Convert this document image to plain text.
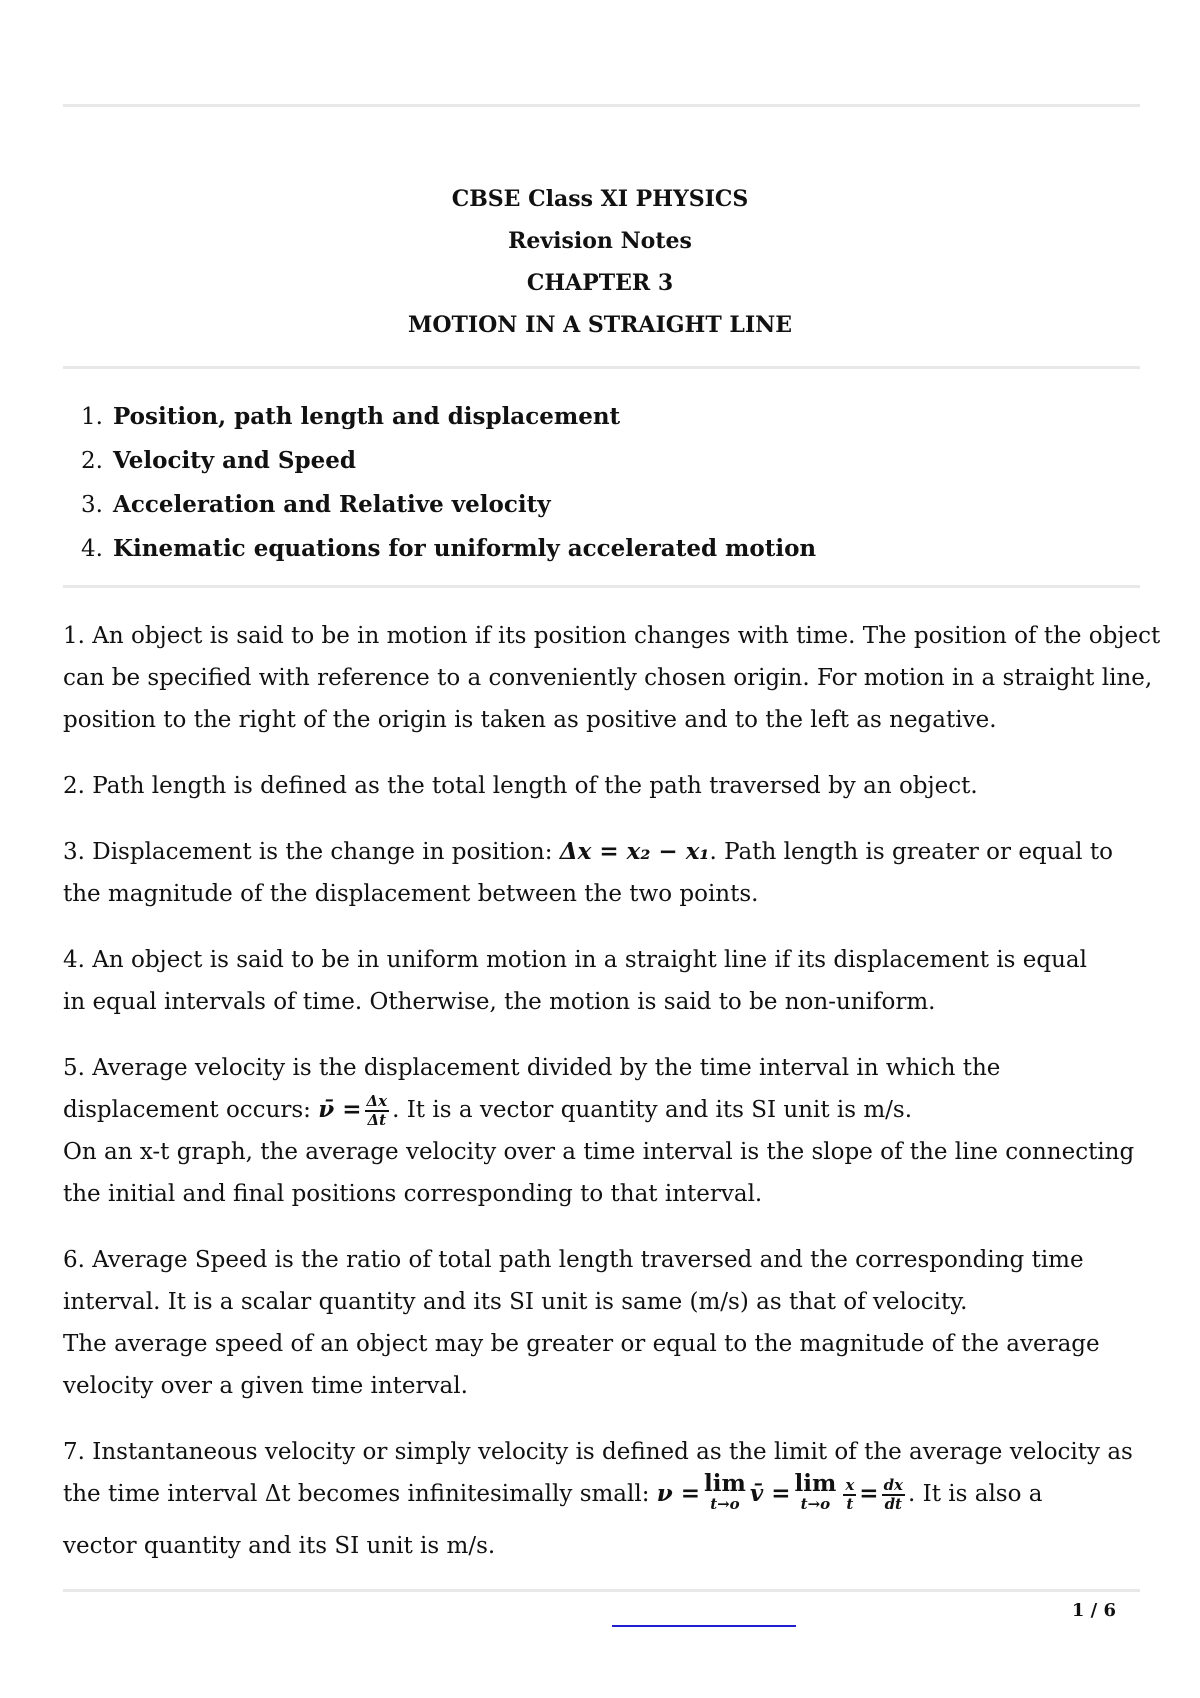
CBSE Class XI PHYSICS
Revision Notes
CHAPTER 3
MOTION IN A STRAIGHT LINE
1. Position, path length and displacement
2. Velocity and Speed
3. Acceleration and Relative velocity
4. Kinematic equations for uniformly accelerated motion

1. An object is said to be in motion if its position changes with time. The position of the object
can be specified with reference to a conveniently chosen origin. For motion in a straight line,
position to the right of the origin is taken as positive and to the left as negative.

2. Path length is defined as the total length of the path traversed by an object.

3. Displacement is the change in position: Δx = x₂ − x₁. Path length is greater or equal to
the magnitude of the displacement between the two points.

4. An object is said to be in uniform motion in a straight line if its displacement is equal
in equal intervals of time. Otherwise, the motion is said to be non-uniform.

5. Average velocity is the displacement divided by the time interval in which the
displacement occurs: ν̄ = $\frac{\Delta x}{\Delta t}$ . It is a vector quantity and its SI unit is m/s.
On an x-t graph, the average velocity over a time interval is the slope of the line connecting
the initial and final positions corresponding to that interval.

6. Average Speed is the ratio of total path length traversed and the corresponding time
interval. It is a scalar quantity and its SI unit is same (m/s) as that of velocity.
The average speed of an object may be greater or equal to the magnitude of the average
velocity over a given time interval.

7. Instantaneous velocity or simply velocity is defined as the limit of the average velocity as
the time interval Δt becomes infinitesimally small: ν = lim
t→o v̄ = lim
$t\to o \frac{x}{t} = \frac{dx}{dt}$ . It is also a
vector quantity and its SI unit is m/s.

1 / 6
